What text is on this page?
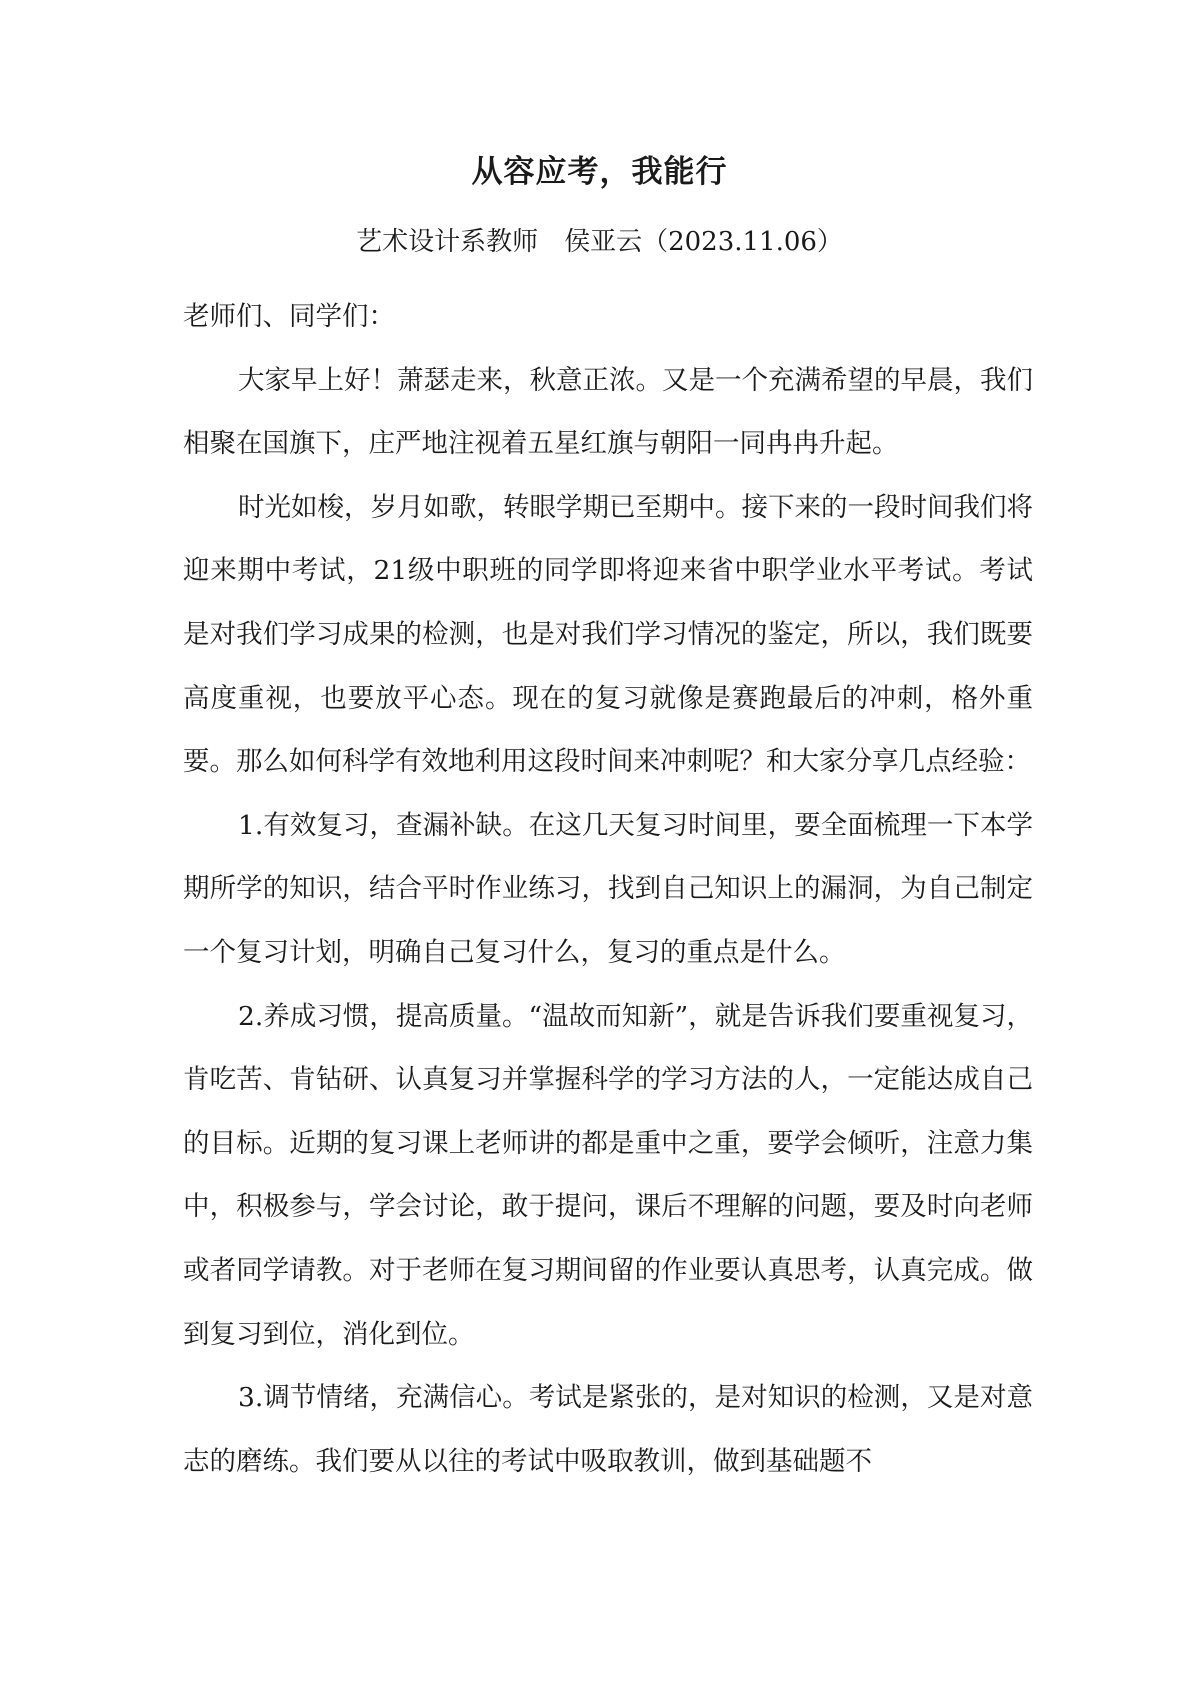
从容应考，我能行
艺术设计系教师　侯亚云（2023.11.06）

老师们、同学们：

大家早上好！萧瑟走来，秋意正浓。又是一个充满希望的早晨，我们相聚在国旗下，庄严地注视着五星红旗与朝阳一同冉冉升起。

时光如梭，岁月如歌，转眼学期已至期中。接下来的一段时间我们将迎来期中考试，21级中职班的同学即将迎来省中职学业水平考试。考试是对我们学习成果的检测，也是对我们学习情况的鉴定，所以，我们既要高度重视，也要放平心态。现在的复习就像是赛跑最后的冲刺，格外重要。那么如何科学有效地利用这段时间来冲刺呢？和大家分享几点经验：

1.有效复习，查漏补缺。在这几天复习时间里，要全面梳理一下本学期所学的知识，结合平时作业练习，找到自己知识上的漏洞，为自己制定一个复习计划，明确自己复习什么，复习的重点是什么。

2.养成习惯，提高质量。“温故而知新”，就是告诉我们要重视复习，肯吃苦、肯钻研、认真复习并掌握科学的学习方法的人，一定能达成自己的目标。近期的复习课上老师讲的都是重中之重，要学会倾听，注意力集中，积极参与，学会讨论，敢于提问，课后不理解的问题，要及时向老师或者同学请教。对于老师在复习期间留的作业要认真思考，认真完成。做到复习到位，消化到位。

3.调节情绪，充满信心。考试是紧张的，是对知识的检测，又是对意志的磨练。我们要从以往的考试中吸取教训，做到基础题不
